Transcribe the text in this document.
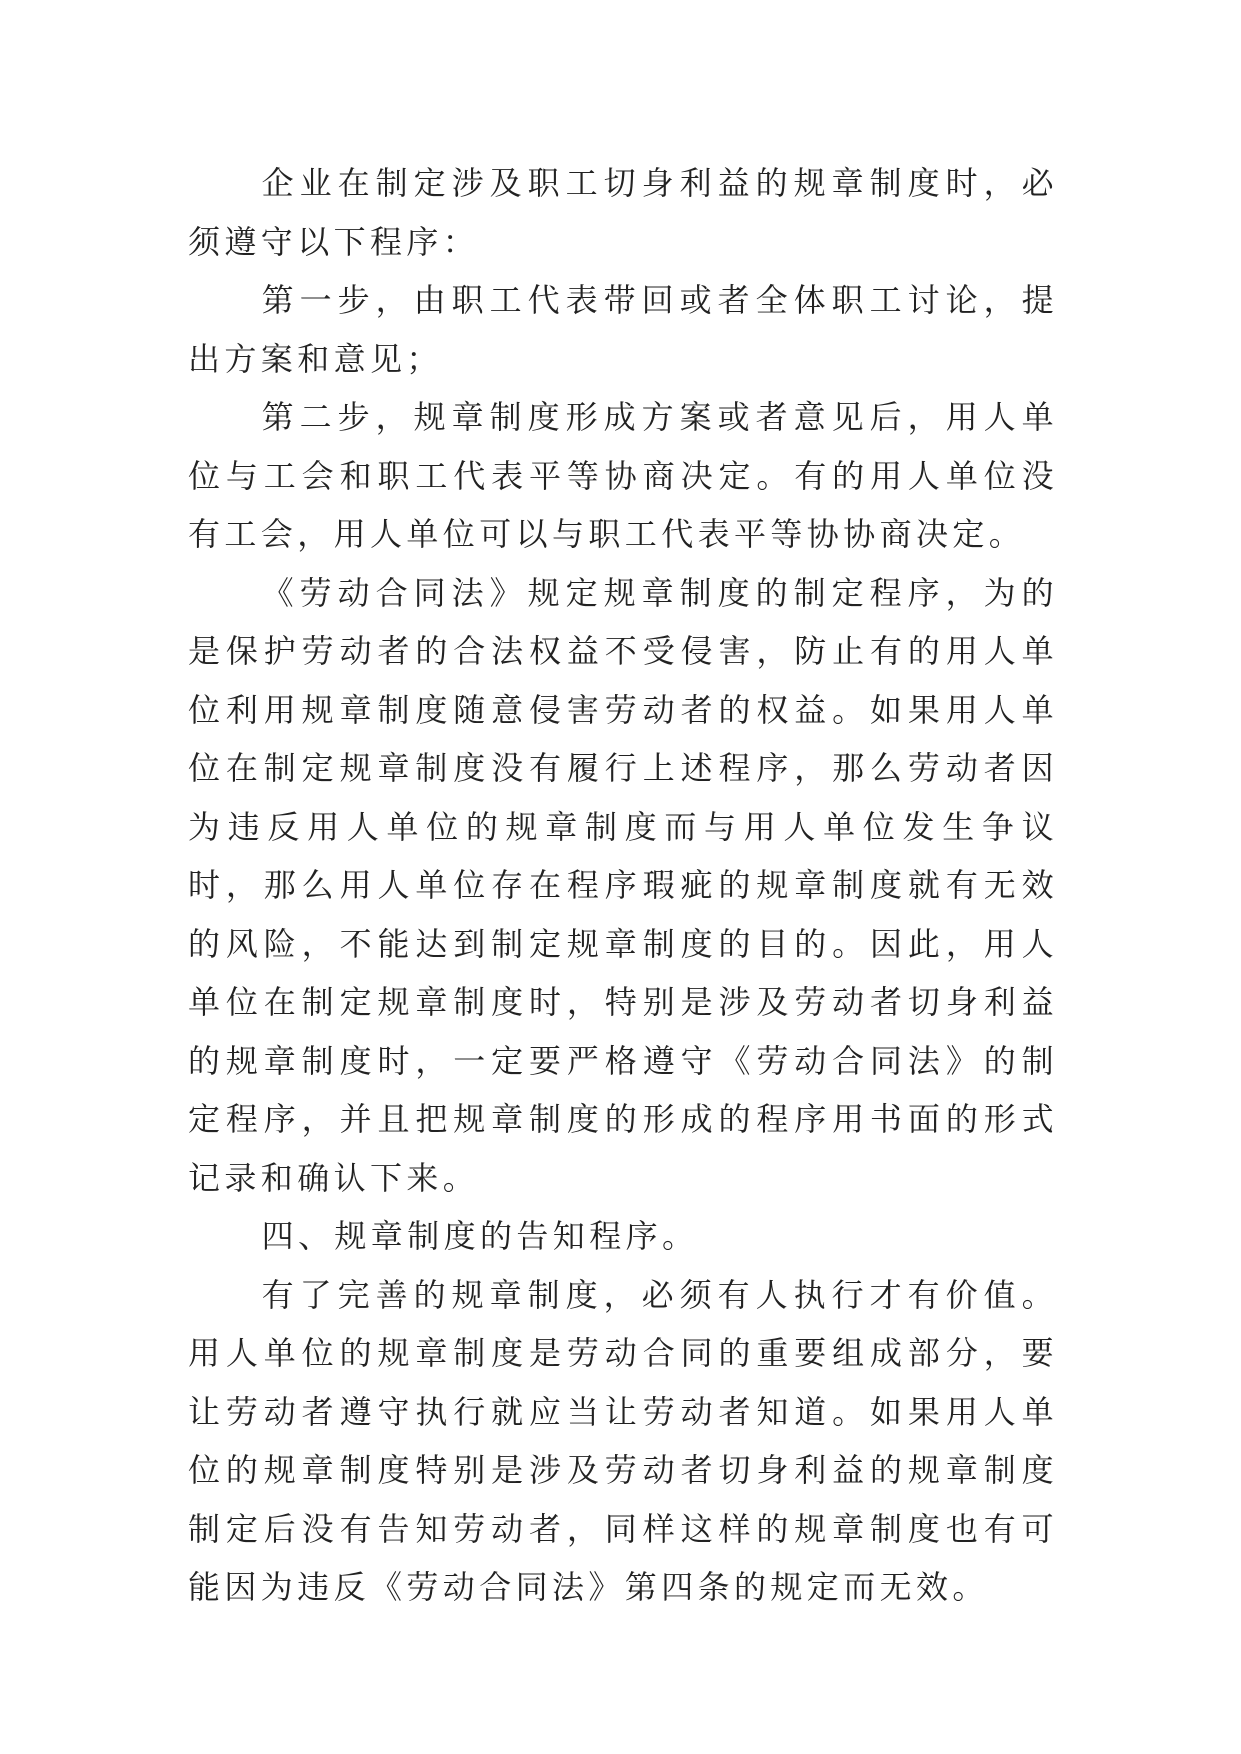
企业在制定涉及职工切身利益的规章制度时，必须遵守以下程序：

第一步，由职工代表带回或者全体职工讨论，提出方案和意见；

第二步，规章制度形成方案或者意见后，用人单位与工会和职工代表平等协商决定。有的用人单位没有工会，用人单位可以与职工代表平等协协商决定。

《劳动合同法》规定规章制度的制定程序，为的是保护劳动者的合法权益不受侵害，防止有的用人单位利用规章制度随意侵害劳动者的权益。如果用人单位在制定规章制度没有履行上述程序，那么劳动者因为违反用人单位的规章制度而与用人单位发生争议时，那么用人单位存在程序瑕疵的规章制度就有无效的风险，不能达到制定规章制度的目的。因此，用人单位在制定规章制度时，特别是涉及劳动者切身利益的规章制度时，一定要严格遵守《劳动合同法》的制定程序，并且把规章制度的形成的程序用书面的形式记录和确认下来。

四、规章制度的告知程序。

有了完善的规章制度，必须有人执行才有价值。用人单位的规章制度是劳动合同的重要组成部分，要让劳动者遵守执行就应当让劳动者知道。如果用人单位的规章制度特别是涉及劳动者切身利益的规章制度制定后没有告知劳动者，同样这样的规章制度也有可能因为违反《劳动合同法》第四条的规定而无效。
